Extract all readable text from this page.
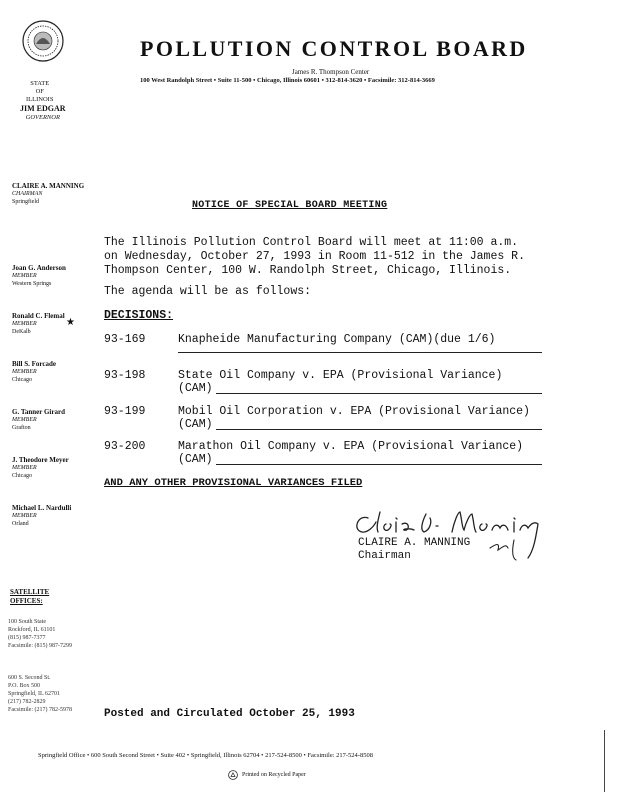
POLLUTION CONTROL BOARD
James R. Thompson Center
100 West Randolph Street • Suite 11-500 • Chicago, Illinois 60601 • 312-814-3620 • Facsimile: 312-814-3669
STATE
OF
ILLINOIS
JIM EDGAR
GOVERNOR
CLAIRE A. MANNING
CHAIRMAN
Springfield
Joan G. Anderson
MEMBER
Western Springs
Ronald C. Flemal
MEMBER
DeKalb
★
Bill S. Forcade
MEMBER
Chicago
G. Tanner Girard
MEMBER
Grafton
J. Theodore Meyer
MEMBER
Chicago
Michael L. Nardulli
MEMBER
Orland
NOTICE OF SPECIAL BOARD MEETING
The Illinois Pollution Control Board will meet at 11:00 a.m.
on Wednesday, October 27, 1993 in Room 11-512 in the James R.
Thompson Center, 100 W. Randolph Street, Chicago, Illinois.
The agenda will be as follows:
DECISIONS:
93-169	Knapheide Manufacturing Company (CAM)(due 1/6)
93-198	State Oil Company v. EPA (Provisional Variance)
(CAM)
93-199	Mobil Oil Corporation v. EPA (Provisional Variance)
(CAM)
93-200	Marathon Oil Company v. EPA (Provisional Variance)
(CAM)
AND ANY OTHER PROVISIONAL VARIANCES FILED
CLAIRE A. MANNING
Chairman
SATELLITE OFFICES:
100 South State
Rockford, IL 61101
(815) 987-7377
Facsimile: (815) 987-7299
600 S. Second St.
P.O. Box 500
Springfield, IL 62701
(217) 782-2829
Facsimile: (217) 782-5978	Posted and Circulated October 25, 1993
Springfield Office • 600 South Second Street • Suite 402 • Springfield, Illinois 62704 • 217-524-8500 • Facsimile: 217-524-8508
Printed on Recycled Paper
